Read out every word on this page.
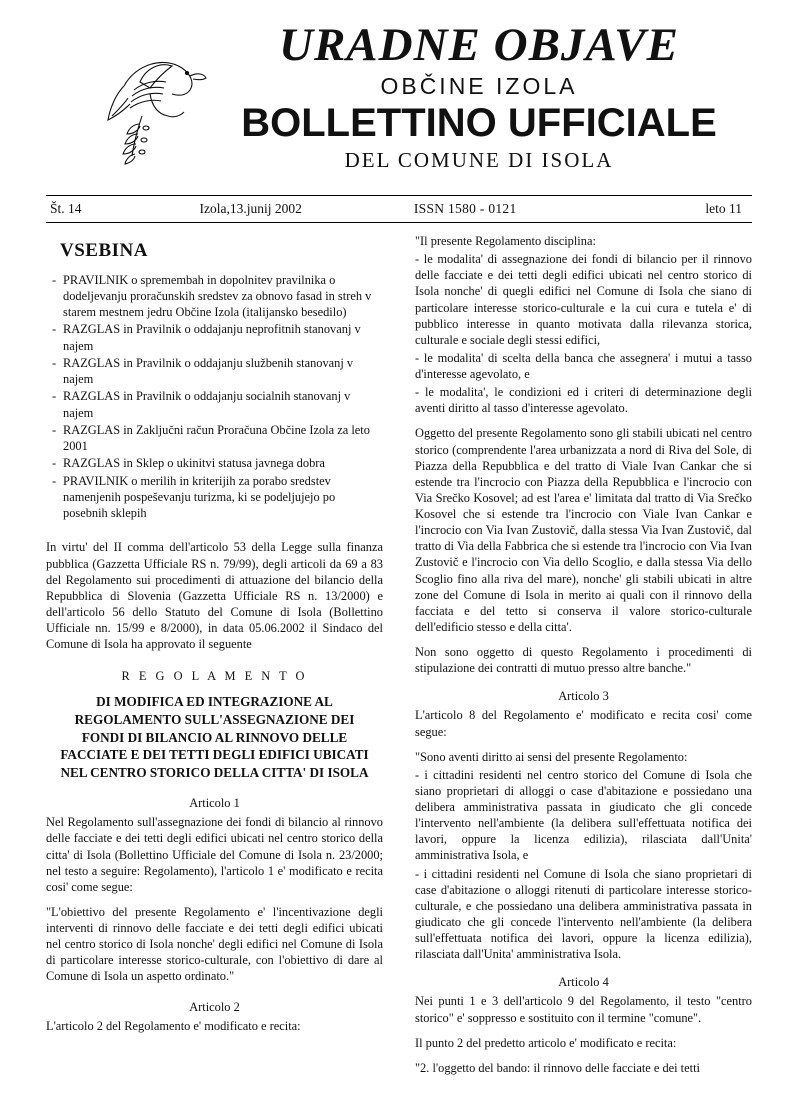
URADNE OBJAVE
OBČINE IZOLA
BOLLETTINO UFFICIALE
DEL COMUNE DI ISOLA
Št. 14	Izola,13.junij 2002	ISSN 1580 - 0121	leto 11
VSEBINA
- PRAVILNIK o spremembah in dopolnitev pravilnika o dodeljevanju proračunskih sredstev za obnovo fasad in streh v starem mestnem jedru Občine Izola (italijansko besedilo)
- RAZGLAS in Pravilnik o oddajanju neprofitnih stanovanj v najem
- RAZGLAS in Pravilnik o oddajanju službenih stanovanj v najem
- RAZGLAS in Pravilnik o oddajanju socialnih stanovanj v najem
- RAZGLAS in Zaključni račun Proračuna Občine Izola za leto 2001
- RAZGLAS in Sklep o ukinitvi statusa javnega dobra
- PRAVILNIK o merilih in kriterijih za porabo sredstev namenjenih pospeševanju turizma, ki se podeljujejo po posebnih sklepih

In virtu' del II comma dell'articolo 53 della Legge sulla finanza pubblica (Gazzetta Ufficiale RS n. 79/99), degli articoli da 69 a 83 del Regolamento sui procedimenti di attuazione del bilancio della Repubblica di Slovenia (Gazzetta Ufficiale RS n. 13/2000) e dell'articolo 56 dello Statuto del Comune di Isola (Bollettino Ufficiale nn. 15/99 e 8/2000), in data 05.06.2002 il Sindaco del Comune di Isola ha approvato il seguente

R E G O L A M E N T O
DI MODIFICA ED INTEGRAZIONE AL REGOLAMENTO SULL'ASSEGNAZIONE DEI FONDI DI BILANCIO AL RINNOVO DELLE FACCIATE E DEI TETTI DEGLI EDIFICI UBICATI NEL CENTRO STORICO DELLA CITTA' DI ISOLA
Articolo 1

Nel Regolamento sull'assegnazione dei fondi di bilancio al rinnovo delle facciate e dei tetti degli edifici ubicati nel centro storico della citta' di Isola (Bollettino Ufficiale del Comune di Isola n. 23/2000; nel testo a seguire: Regolamento), l'articolo 1 e' modificato e recita cosi' come segue:

"L'obiettivo del presente Regolamento e' l'incentivazione degli interventi di rinnovo delle facciate e dei tetti degli edifici ubicati nel centro storico di Isola nonche' degli edifici nel Comune di Isola di particolare interesse storico-culturale, con l'obiettivo di dare al Comune di Isola un aspetto ordinato."

Articolo 2

L'articolo 2 del Regolamento e' modificato e recita:

"Il presente Regolamento disciplina:

- le modalita' di assegnazione dei fondi di bilancio per il rinnovo delle facciate e dei tetti degli edifici ubicati nel centro storico di Isola nonche' di quegli edifici nel Comune di Isola che siano di particolare interesse storico-culturale e la cui cura e tutela e' di pubblico interesse in quanto motivata dalla rilevanza storica, culturale e sociale degli stessi edifici,

- le modalita' di scelta della banca che assegnera' i mutui a tasso d'interesse agevolato, e

- le modalita', le condizioni ed i criteri di determinazione degli aventi diritto al tasso d'interesse agevolato.

Oggetto del presente Regolamento sono gli stabili ubicati nel centro storico (comprendente l'area urbanizzata a nord di Riva del Sole, di Piazza della Repubblica e del tratto di Viale Ivan Cankar che si estende tra l'incrocio con Piazza della Repubblica e l'incrocio con Via Srečko Kosovel; ad est l'area e' limitata dal tratto di Via Srečko Kosovel che si estende tra l'incrocio con Viale Ivan Cankar e l'incrocio con Via Ivan Zustovič, dalla stessa Via Ivan Zustovič, dal tratto di Via della Fabbrica che si estende tra l'incrocio con Via Ivan Zustovič e l'incrocio con Via dello Scoglio, e dalla stessa Via dello Scoglio fino alla riva del mare), nonche' gli stabili ubicati in altre zone del Comune di Isola in merito ai quali con il rinnovo della facciata e del tetto si conserva il valore storico-culturale dell'edificio stesso e della citta'.

Non sono oggetto di questo Regolamento i procedimenti di stipulazione dei contratti di mutuo presso altre banche."

Articolo 3

L'articolo 8 del Regolamento e' modificato e recita cosi' come segue:

"Sono aventi diritto ai sensi del presente Regolamento:

- i cittadini residenti nel centro storico del Comune di Isola che siano proprietari di alloggi o case d'abitazione e possiedano una delibera amministrativa passata in giudicato che gli concede l'intervento nell'ambiente (la delibera sull'effettuata notifica dei lavori, oppure la licenza edilizia), rilasciata dall'Unita' amministrativa Isola, e

- i cittadini residenti nel Comune di Isola che siano proprietari di case d'abitazione o alloggi ritenuti di particolare interesse storico-culturale, e che possiedano una delibera amministrativa passata in giudicato che gli concede l'intervento nell'ambiente (la delibera sull'effettuata notifica dei lavori, oppure la licenza edilizia), rilasciata dall'Unita' amministrativa Isola.

Articolo 4

Nei punti 1 e 3 dell'articolo 9 del Regolamento, il testo "centro storico" e' soppresso e sostituito con il termine "comune".

Il punto 2 del predetto articolo e' modificato e recita:

"2. l'oggetto del bando: il rinnovo delle facciate e dei tetti
